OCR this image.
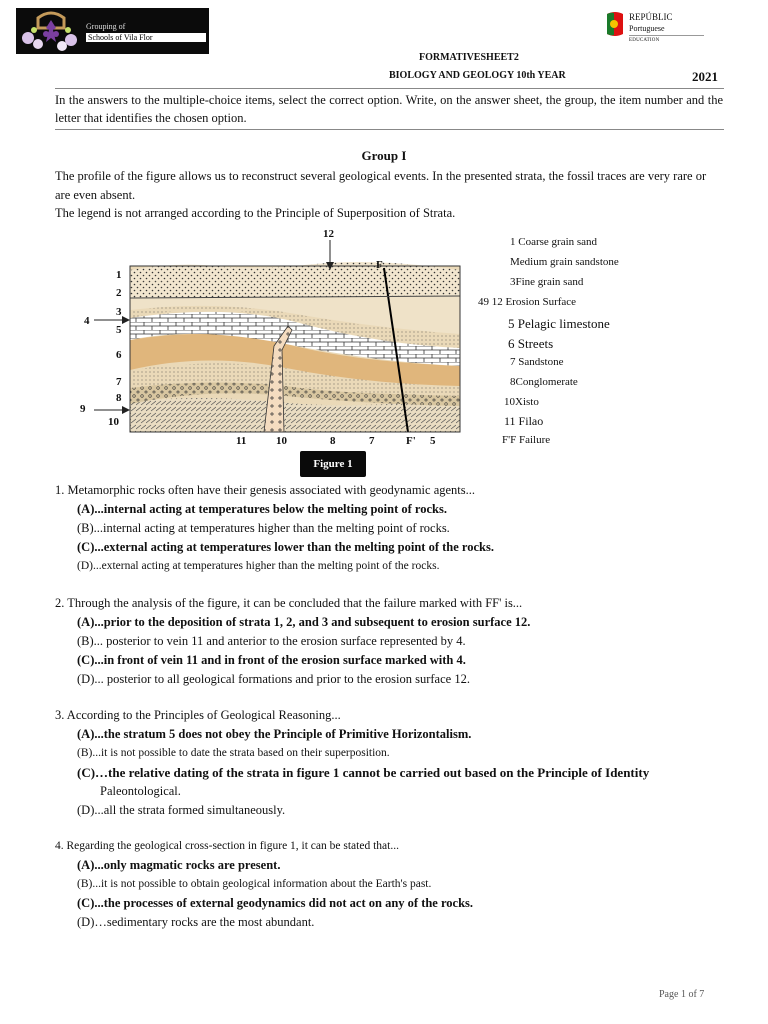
Grouping of
Schools of Vila Flor
REPÚBLIC
Portuguese
EDUCATION
FORMATIVESHEET2
BIOLOGY AND GEOLOGY 10th YEAR	2021
In the answers to the multiple-choice items, select the correct option. Write, on the answer sheet, the group, the item number and the letter that identifies the chosen option.
Group I

The profile of the figure allows us to reconstruct several geological events. In the presented strata, the fossil traces are very rare or are even absent.

The legend is not arranged according to the Principle of Superposition of Strata.

1
2
3
4
5
6
7
8
9
10
12
F
11	10	8	7	F' 5
1 Coarse grain sand
Medium grain sandstone
3Fine grain sand
49 12 Erosion Surface
5 Pelagic limestone
6 Streets
7 Sandstone
8Conglomerate
10Xisto
11 Filao
F'F Failure
Figure 1

1. Metamorphic rocks often have their genesis associated with geodynamic agents...

(A)...internal acting at temperatures below the melting point of rocks.

(B)...internal acting at temperatures higher than the melting point of rocks.

(C)...external acting at temperatures lower than the melting point of the rocks.

(D)...external acting at temperatures higher than the melting point of the rocks.

2. Through the analysis of the figure, it can be concluded that the failure marked with FF' is...

(A)...prior to the deposition of strata 1, 2, and 3 and subsequent to erosion surface 12.

(B)... posterior to vein 11 and anterior to the erosion surface represented by 4.

(C)...in front of vein 11 and in front of the erosion surface marked with 4.

(D)... posterior to all geological formations and prior to the erosion surface 12.

3. According to the Principles of Geological Reasoning...

(A)...the stratum 5 does not obey the Principle of Primitive Horizontalism.

(B)...it is not possible to date the strata based on their superposition.

(C)…the relative dating of the strata in figure 1 cannot be carried out based on the Principle of Identity

Paleontological.

(D)...all the strata formed simultaneously.

4. Regarding the geological cross-section in figure 1, it can be stated that...

(A)...only magmatic rocks are present.

(B)...it is not possible to obtain geological information about the Earth's past.

(C)...the processes of external geodynamics did not act on any of the rocks.

(D)…sedimentary rocks are the most abundant.

Page 1 of 7
